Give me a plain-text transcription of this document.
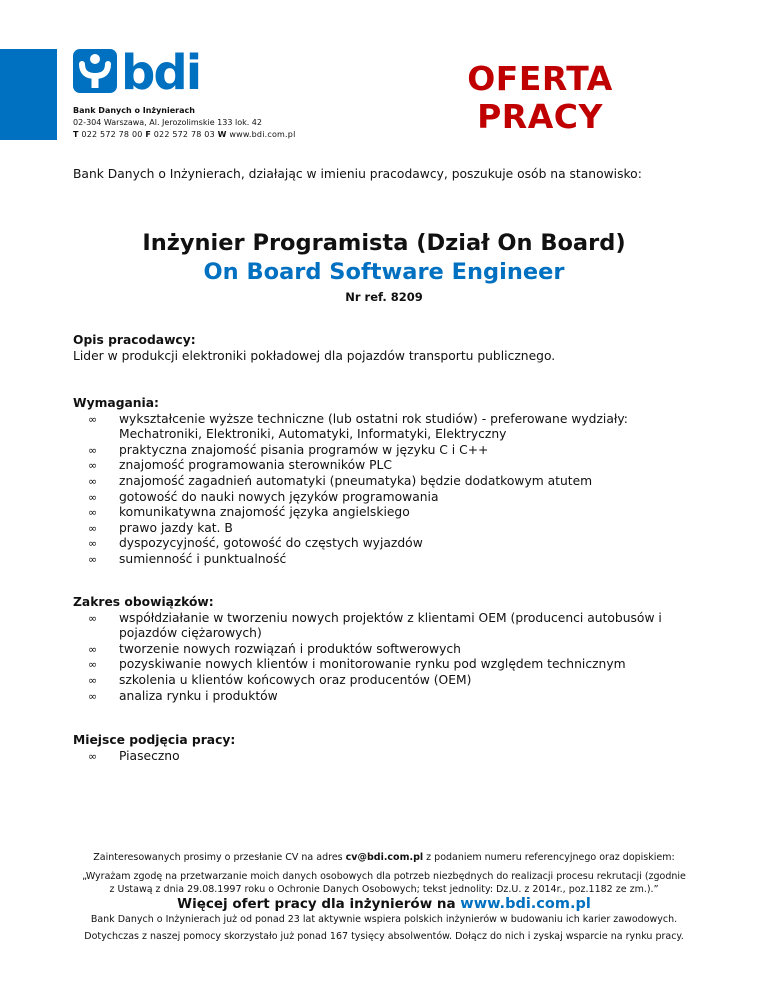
bdi
Bank Danych o Inżynierach
02-304 Warszawa, Al. Jerozolimskie 133 lok. 42
T 022 572 78 00 F 022 572 78 03 W www.bdi.com.pl
OFERTA
PRACY
Bank Danych o Inżynierach, działając w imieniu pracodawcy, poszukuje osób na stanowisko:
Inżynier Programista (Dział On Board)
On Board Software Engineer
Nr ref. 8209
Opis pracodawcy:

Lider w produkcji elektroniki pokładowej dla pojazdów transportu publicznego.

Wymagania:
∞ wykształcenie wyższe techniczne (lub ostatni rok studiów) - preferowane wydziały:
Mechatroniki, Elektroniki, Automatyki, Informatyki, Elektryczny
∞ praktyczna znajomość pisania programów w języku C i C++
∞ znajomość programowania sterowników PLC
∞ znajomość zagadnień automatyki (pneumatyka) będzie dodatkowym atutem
∞ gotowość do nauki nowych języków programowania
∞ komunikatywna znajomość języka angielskiego
∞ prawo jazdy kat. B
∞ dyspozycyjność, gotowość do częstych wyjazdów
∞ sumienność i punktualność
Zakres obowiązków:
∞ współdziałanie w tworzeniu nowych projektów z klientami OEM (producenci autobusów i
pojazdów ciężarowych)
∞ tworzenie nowych rozwiązań i produktów softwerowych
∞ pozyskiwanie nowych klientów i monitorowanie rynku pod względem technicznym
∞ szkolenia u klientów końcowych oraz producentów (OEM)
∞ analiza rynku i produktów
Miejsce podjęcia pracy:
∞ Piaseczno
Zainteresowanych prosimy o przesłanie CV na adres cv@bdi.com.pl z podaniem numeru referencyjnego oraz dopiskiem:
„Wyrażam zgodę na przetwarzanie moich danych osobowych dla potrzeb niezbędnych do realizacji procesu rekrutacji (zgodnie
z Ustawą z dnia 29.08.1997 roku o Ochronie Danych Osobowych; tekst jednolity: Dz.U. z 2014r., poz.1182 ze zm.).”
Więcej ofert pracy dla inżynierów na www.bdi.com.pl
Bank Danych o Inżynierach już od ponad 23 lat aktywnie wspiera polskich inżynierów w budowaniu ich karier zawodowych.
Dotychczas z naszej pomocy skorzystało już ponad 167 tysięcy absolwentów. Dołącz do nich i zyskaj wsparcie na rynku pracy.
